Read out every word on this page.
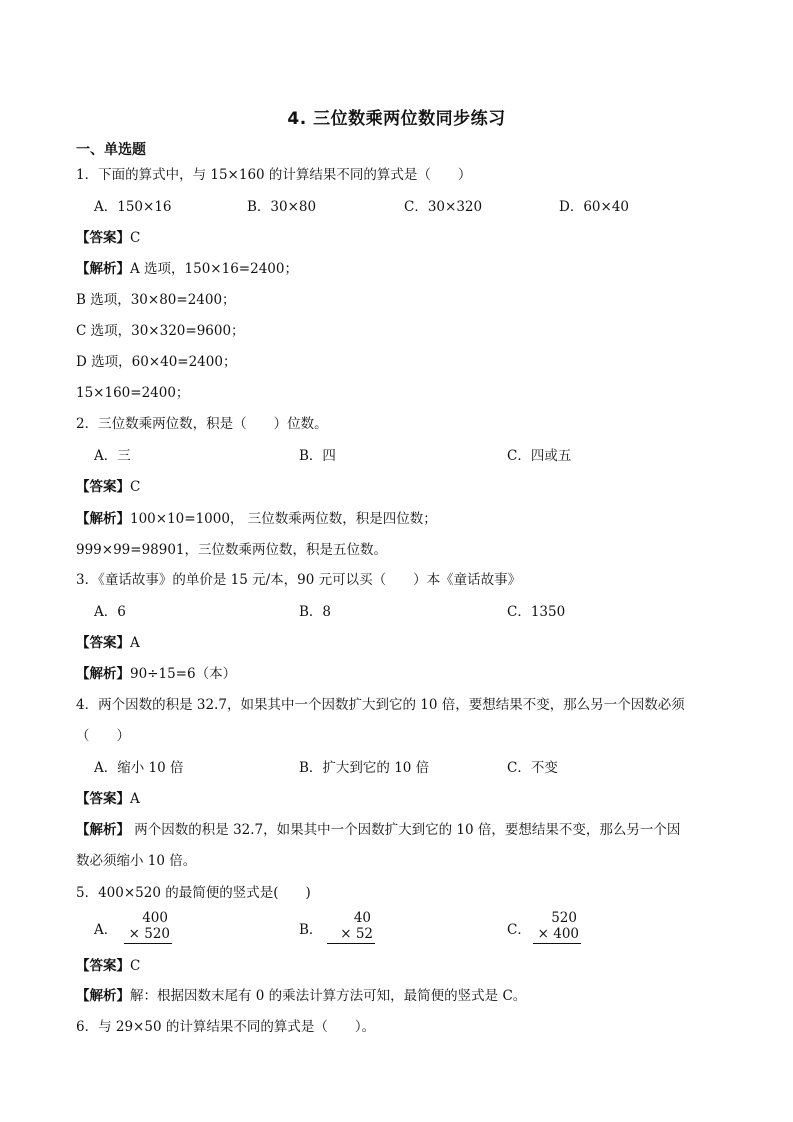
4. 三位数乘两位数同步练习
一、单选题
1．下面的算式中，与 15×160 的计算结果不同的算式是（　　）
A．150×16	B．30×80	C．30×320	D．60×40
【答案】C
【解析】A 选项，150×16=2400；
B 选项，30×80=2400；
C 选项，30×320=9600；
D 选项，60×40=2400；
15×160=2400；
2．三位数乘两位数，积是（　　）位数。
A．三	B．四	C．四或五
【答案】C
【解析】100×10=1000， 三位数乘两位数，积是四位数；
999×99=98901，三位数乘两位数，积是五位数。
3．《童话故事》的单价是 15 元/本，90 元可以买（　　）本《童话故事》
A．6	B．8	C．1350
【答案】A
【解析】90÷15=6（本）
4．两个因数的积是 32.7，如果其中一个因数扩大到它的 10 倍，要想结果不变，那么另一个因数必须
（　　）
A．缩小 10 倍	B．扩大到它的 10 倍	C．不变
【答案】A
【解析】 两个因数的积是 32.7，如果其中一个因数扩大到它的 10 倍，要想结果不变，那么另一个因
数必须缩小 10 倍。
5．400×520 的最简便的竖式是(　　)
A．
400
× 520	B．
40
× 52	C．
520
× 400
【答案】C
【解析】解：根据因数末尾有 0 的乘法计算方法可知，最简便的竖式是 C。
6．与 29×50 的计算结果不同的算式是（　　）。
